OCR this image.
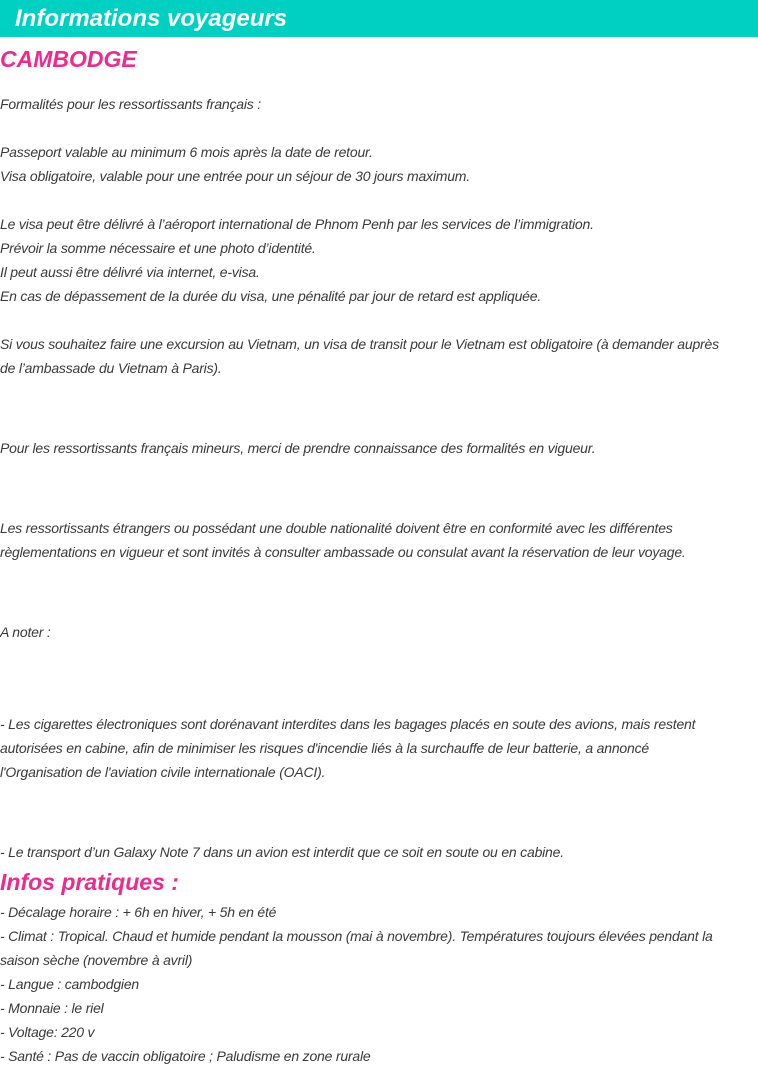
Informations voyageurs
CAMBODGE
Formalités pour les ressortissants français :
Passeport valable au minimum 6 mois après la date de retour.
Visa obligatoire, valable pour une entrée pour un séjour de 30 jours maximum.
Le visa peut être délivré à l’aéroport international de Phnom Penh par les services de l’immigration.
Prévoir la somme nécessaire et une photo d’identité.
Il peut aussi être délivré via internet, e-visa.
En cas de dépassement de la durée du visa, une pénalité par jour de retard est appliquée.
Si vous souhaitez faire une excursion au Vietnam, un visa de transit pour le Vietnam est obligatoire (à demander auprès
de l’ambassade du Vietnam à Paris).
Pour les ressortissants français mineurs, merci de prendre connaissance des formalités en vigueur.
Les ressortissants étrangers ou possédant une double nationalité doivent être en conformité avec les différentes
règlementations en vigueur et sont invités à consulter ambassade ou consulat avant la réservation de leur voyage.
A noter :
- Les cigarettes électroniques sont dorénavant interdites dans les bagages placés en soute des avions, mais restent
autorisées en cabine, afin de minimiser les risques d'incendie liés à la surchauffe de leur batterie, a annoncé
l'Organisation de l'aviation civile internationale (OACI).
- Le transport d’un Galaxy Note 7 dans un avion est interdit que ce soit en soute ou en cabine.
Infos pratiques :
- Décalage horaire : + 6h en hiver, + 5h en été
- Climat : Tropical. Chaud et humide pendant la mousson (mai à novembre). Températures toujours élevées pendant la
saison sèche (novembre à avril)
- Langue : cambodgien
- Monnaie : le riel
- Voltage: 220 v
- Santé : Pas de vaccin obligatoire ; Paludisme en zone rurale
